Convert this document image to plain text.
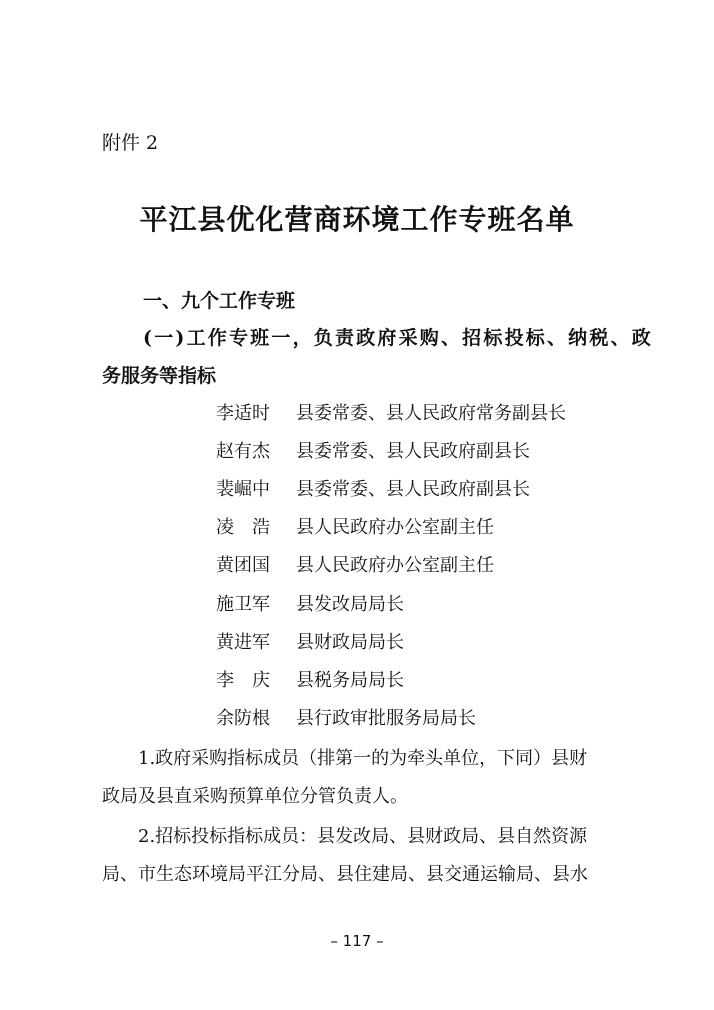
附件 2
平江县优化营商环境工作专班名单
一、九个工作专班
(一)工作专班一，负责政府采购、招标投标、纳税、政
务服务等指标
李适时 县委常委、县人民政府常务副县长
赵有杰 县委常委、县人民政府副县长
裴崛中 县委常委、县人民政府副县长
凌　浩 县人民政府办公室副主任
黄团国 县人民政府办公室副主任
施卫军 县发改局局长
黄进军 县财政局局长
李　庆 县税务局局长
余防根 县行政审批服务局局长
　　1.政府采购指标成员（排第一的为牵头单位，下同）县财
政局及县直采购预算单位分管负责人。
　　2.招标投标指标成员：县发改局、县财政局、县自然资源
局、市生态环境局平江分局、县住建局、县交通运输局、县水
– 117 –
